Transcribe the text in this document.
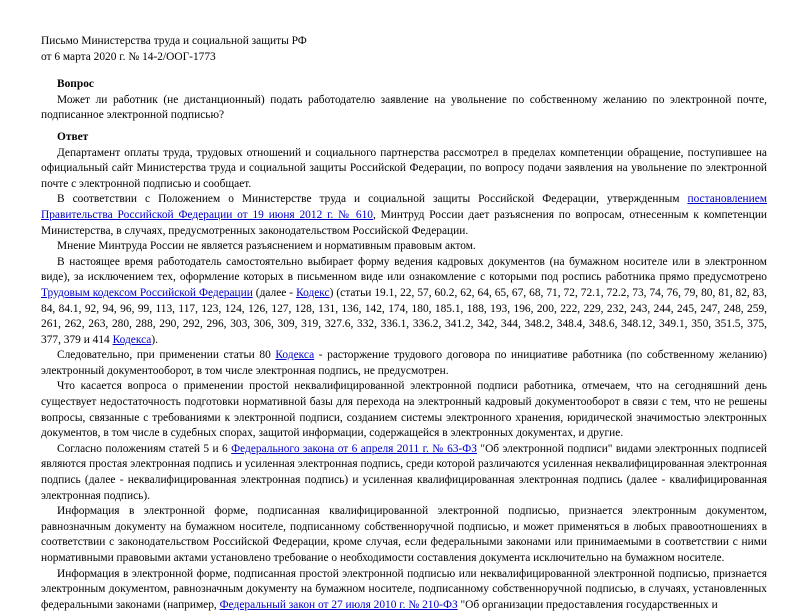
Письмо Министерства труда и социальной защиты РФ

от 6 марта 2020 г. № 14-2/ООГ-1773

Вопрос

Может ли работник (не дистанционный) подать работодателю заявление на увольнение по собственному желанию по электронной почте, подписанное электронной подписью?

Ответ

Департамент оплаты труда, трудовых отношений и социального партнерства рассмотрел в пределах компетенции обращение, поступившее на официальный сайт Министерства труда и социальной защиты Российской Федерации, по вопросу подачи заявления на увольнение по электронной почте с электронной подписью и сообщает.

В соответствии с Положением о Министерстве труда и социальной защиты Российской Федерации, утвержденным постановлением Правительства Российской Федерации от 19 июня 2012 г. № 610, Минтруд России дает разъяснения по вопросам, отнесенным к компетенции Министерства, в случаях, предусмотренных законодательством Российской Федерации.

Мнение Минтруда России не является разъяснением и нормативным правовым актом.

В настоящее время работодатель самостоятельно выбирает форму ведения кадровых документов (на бумажном носителе или в электронном виде), за исключением тех, оформление которых в письменном виде или ознакомление с которыми под роспись работника прямо предусмотрено Трудовым кодексом Российской Федерации (далее - Кодекс) (статьи 19.1, 22, 57, 60.2, 62, 64, 65, 67, 68, 71, 72, 72.1, 72.2, 73, 74, 76, 79, 80, 81, 82, 83, 84, 84.1, 92, 94, 96, 99, 113, 117, 123, 124, 126, 127, 128, 131, 136, 142, 174, 180, 185.1, 188, 193, 196, 200, 222, 229, 232, 243, 244, 245, 247, 248, 259, 261, 262, 263, 280, 288, 290, 292, 296, 303, 306, 309, 319, 327.6, 332, 336.1, 336.2, 341.2, 342, 344, 348.2, 348.4, 348.6, 348.12, 349.1, 350, 351.5, 375, 377, 379 и 414 Кодекса).

Следовательно, при применении статьи 80 Кодекса - расторжение трудового договора по инициативе работника (по собственному желанию) электронный документооборот, в том числе электронная подпись, не предусмотрен.

Что касается вопроса о применении простой неквалифицированной электронной подписи работника, отмечаем, что на сегодняшний день существует недостаточность подготовки нормативной базы для перехода на электронный кадровый документооборот в связи с тем, что не решены вопросы, связанные с требованиями к электронной подписи, созданием системы электронного хранения, юридической значимостью электронных документов, в том числе в судебных спорах, защитой информации, содержащейся в электронных документах, и другие.

Согласно положениям статей 5 и 6 Федерального закона от 6 апреля 2011 г. № 63-ФЗ "Об электронной подписи" видами электронных подписей являются простая электронная подпись и усиленная электронная подпись, среди которой различаются усиленная неквалифицированная электронная подпись (далее - неквалифицированная электронная подпись) и усиленная квалифицированная электронная подпись (далее - квалифицированная электронная подпись).

Информация в электронной форме, подписанная квалифицированной электронной подписью, признается электронным документом, равнозначным документу на бумажном носителе, подписанному собственноручной подписью, и может применяться в любых правоотношениях в соответствии с законодательством Российской Федерации, кроме случая, если федеральными законами или принимаемыми в соответствии с ними нормативными правовыми актами установлено требование о необходимости составления документа исключительно на бумажном носителе.

Информация в электронной форме, подписанная простой электронной подписью или неквалифицированной электронной подписью, признается электронным документом, равнозначным документу на бумажном носителе, подписанному собственноручной подписью, в случаях, установленных федеральными законами (например, Федеральный закон от 27 июля 2010 г. № 210-ФЗ "Об организации предоставления государственных и
